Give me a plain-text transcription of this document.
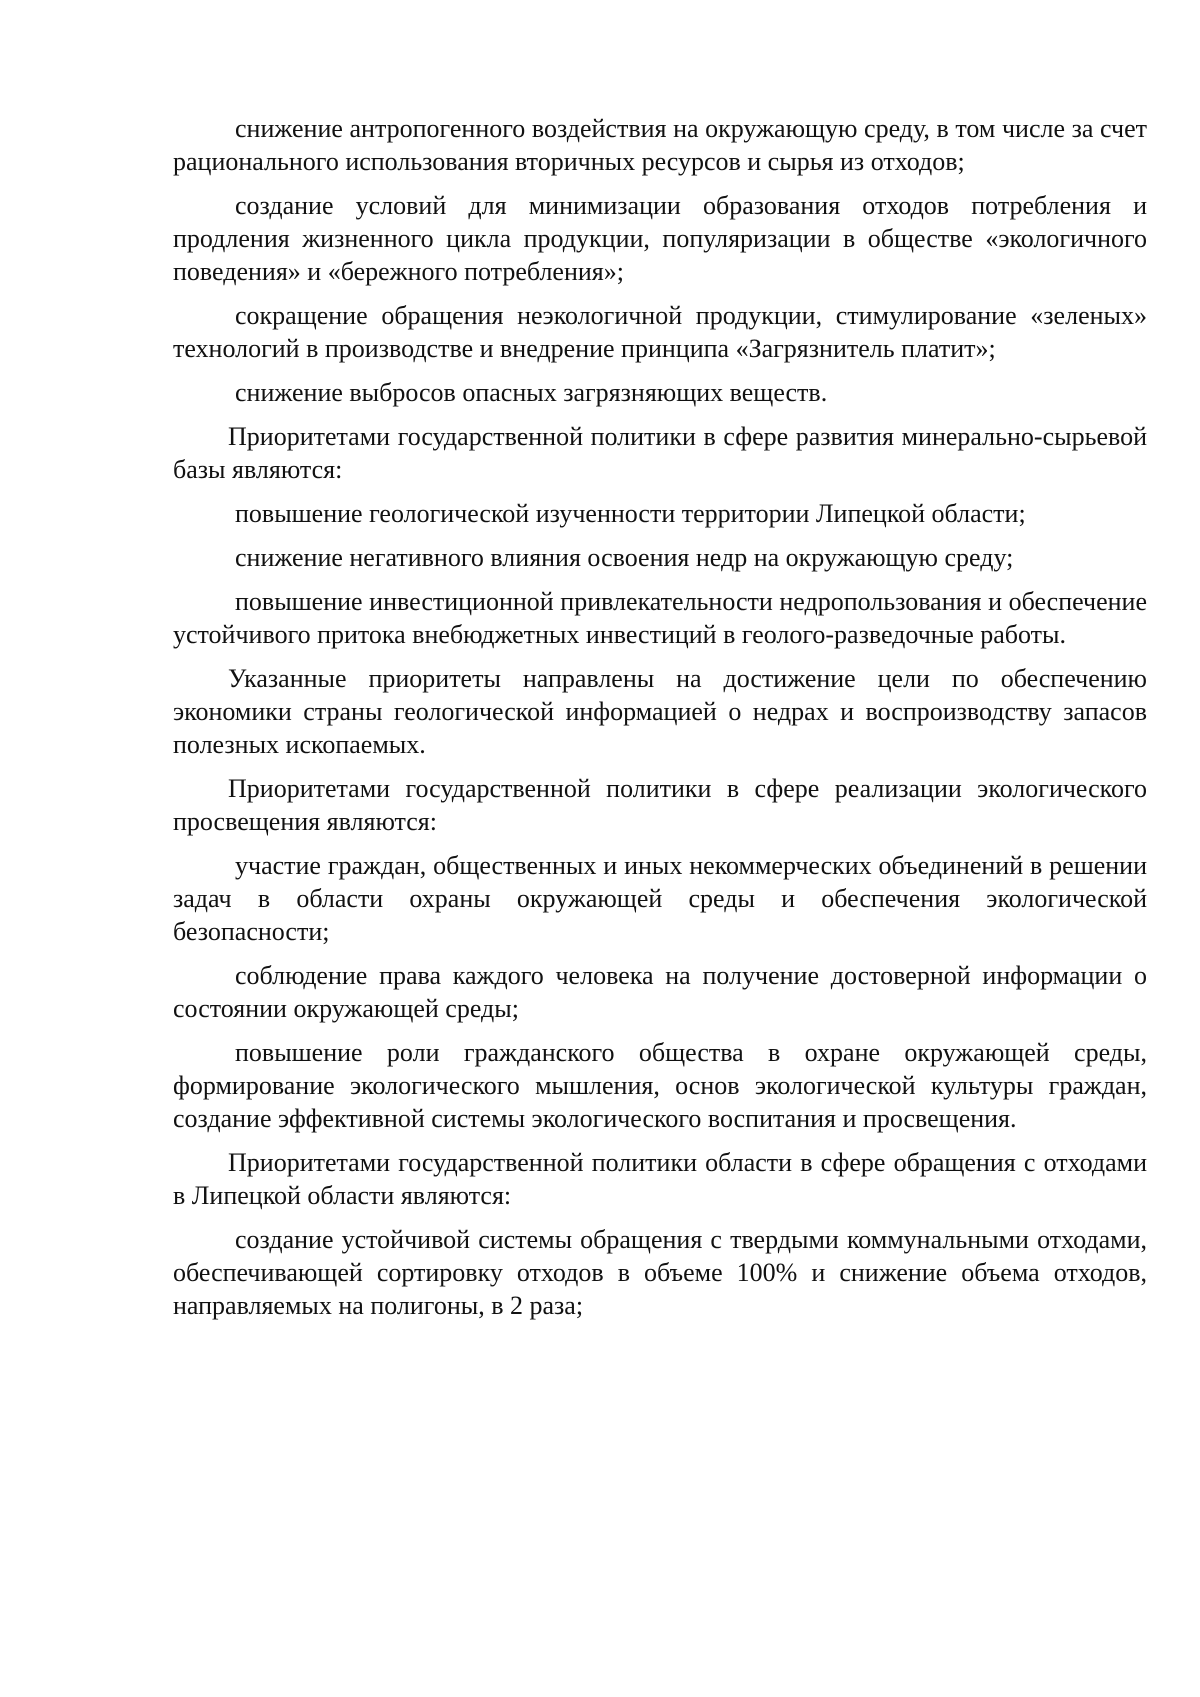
снижение антропогенного воздействия на окружающую среду, в том числе за счет рационального использования вторичных ресурсов и сырья из отходов;

создание условий для минимизации образования отходов потребления и продления жизненного цикла продукции, популяризации в обществе «экологичного поведения» и «бережного потребления»;

сокращение обращения неэкологичной продукции, стимулирование «зеленых» технологий в производстве и внедрение принципа «Загрязнитель платит»;

снижение выбросов опасных загрязняющих веществ.

Приоритетами государственной политики в сфере развития минерально-сырьевой базы являются:

повышение геологической изученности территории Липецкой области;

снижение негативного влияния освоения недр на окружающую среду;

повышение инвестиционной привлекательности недропользования и обеспечение устойчивого притока внебюджетных инвестиций в геолого-разведочные работы.

Указанные приоритеты направлены на достижение цели по обеспечению экономики страны геологической информацией о недрах и воспроизводству запасов полезных ископаемых.

Приоритетами государственной политики в сфере реализации экологического просвещения являются:

участие граждан, общественных и иных некоммерческих объединений в решении задач в области охраны окружающей среды и обеспечения экологической безопасности;

соблюдение права каждого человека на получение достоверной информации о состоянии окружающей среды;

повышение роли гражданского общества в охране окружающей среды, формирование экологического мышления, основ экологической культуры граждан, создание эффективной системы экологического воспитания и просвещения.

Приоритетами государственной политики области в сфере обращения с отходами в Липецкой области являются:

создание устойчивой системы обращения с твердыми коммунальными отходами, обеспечивающей сортировку отходов в объеме 100% и снижение объема отходов, направляемых на полигоны, в 2 раза;
